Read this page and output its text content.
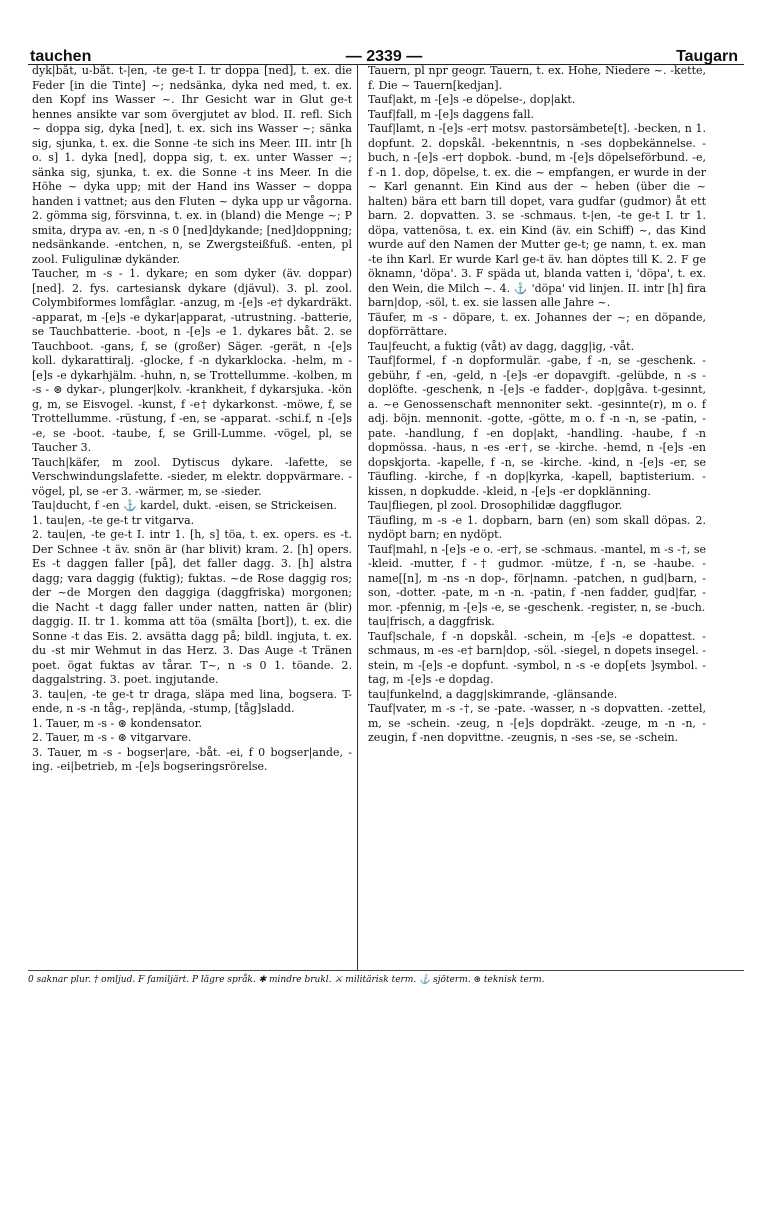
tauchen	— 2339 —	Taugarn

dyk|båt, u-båt. t-|en, -te ge-t I. tr doppa [ned], t. ex. die Feder [in die Tinte] ~; nedsänka, dyka ned med, t. ex. den Kopf ins Wasser ~. Ihr Gesicht war in Glut ge-t hennes ansikte var som övergjutet av blod. II. refl. Sich ~ doppa sig, dyka [ned], t. ex. sich ins Wasser ~; sänka sig, sjunka, t. ex. die Sonne -te sich ins Meer. III. intr [h o. s] 1. dyka [ned], doppa sig, t. ex. unter Wasser ~; sänka sig, sjunka, t. ex. die Sonne -t ins Meer. In die Höhe ~ dyka upp; mit der Hand ins Wasser ~ doppa handen i vattnet; aus den Fluten ~ dyka upp ur vågorna. 2. gömma sig, försvinna, t. ex. in (bland) die Menge ~; P smita, drypa av. -en, n -s 0 [ned]dykande; [ned]doppning; nedsänkande. -entchen, n, se Zwergsteißfuß. -enten, pl zool. Fuligulinæ dykänder.

Taucher, m -s - 1. dykare; en som dyker (äv. doppar) [ned]. 2. fys. cartesiansk dykare (djävul). 3. pl. zool. Colymbiformes lomfåglar. -anzug, m -[e]s -e† dykardräkt. -apparat, m -[e]s -e dykar|apparat, -utrustning. -batterie, se Tauchbatterie. -boot, n -[e]s -e 1. dykares båt. 2. se Tauchboot. -gans, f, se (großer) Säger. -gerät, n -[e]s koll. dykarattiralj. -glocke, f -n dykarklocka. -helm, m -[e]s -e dykarhjälm. -huhn, n, se Trottellumme. -kolben, m -s - ⊛ dykar-, plunger|kolv. -krankheit, f dykarsjuka. -kön g, m, se Eisvogel. -kunst, f -e† dykarkonst. -möwe, f, se Trottellumme. -rüstung, f -en, se -apparat. -schi.f, n -[e]s -e, se -boot. -taube, f, se Grill-Lumme. -vögel, pl, se Taucher 3.

Tauch|käfer, m zool. Dytiscus dykare. -lafette, se Verschwindungslafette. -sieder, m elektr. doppvärmare. -vögel, pl, se -er 3. -wärmer, m, se -sieder.

Tau|ducht, f -en ⚓ kardel, dukt. -eisen, se Strickeisen.

1. tau|en, -te ge-t tr vitgarva.

2. tau|en, -te ge-t I. intr 1. [h, s] töa, t. ex. opers. es -t. Der Schnee -t äv. snön är (har blivit) kram. 2. [h] opers. Es -t daggen faller [på], det faller dagg. 3. [h] alstra dagg; vara daggig (fuktig); fuktas. ~de Rose daggig ros; der ~de Morgen den daggiga (daggfriska) morgonen; die Nacht -t dagg faller under natten, natten är (blir) daggig. II. tr 1. komma att töa (smälta [bort]), t. ex. die Sonne -t das Eis. 2. avsätta dagg på; bildl. ingjuta, t. ex. du -st mir Wehmut in das Herz. 3. Das Auge -t Tränen poet. ögat fuktas av tårar. T~, n -s 0 1. töande. 2. daggalstring. 3. poet. ingjutande.

3. tau|en, -te ge-t tr draga, släpa med lina, bogsera. T-ende, n -s -n tåg-, rep|ända, -stump, [tåg]sladd.

1. Tauer, m -s - ⊛ kondensator.

2. Tauer, m -s - ⊛ vitgarvare.

3. Tauer, m -s - bogser|are, -båt. -ei, f 0 bogser|ande, -ing. -ei|betrieb, m -[e]s bogseringsrörelse.

Tauern, pl npr geogr. Tauern, t. ex. Hohe, Niedere ~. -kette, f. Die ~ Tauern[kedjan].

Tauf|akt, m -[e]s -e döpelse-, dop|akt.

Tauf|fall, m -[e]s daggens fall.

Tauf|lamt, n -[e]s -er† motsv. pastorsämbete[t]. -becken, n 1. dopfunt. 2. dopskål. -bekenntnis, n -ses dopbekännelse. -buch, n -[e]s -er† dopbok. -bund, m -[e]s döpelseförbund. -e, f -n 1. dop, döpelse, t. ex. die ~ empfangen, er wurde in der ~ Karl genannt. Ein Kind aus der ~ heben (über die ~ halten) bära ett barn till dopet, vara gudfar (gudmor) åt ett barn. 2. dopvatten. 3. se -schmaus. t-|en, -te ge-t I. tr 1. döpa, vattenösa, t. ex. ein Kind (äv. ein Schiff) ~, das Kind wurde auf den Namen der Mutter ge-t; ge namn, t. ex. man -te ihn Karl. Er wurde Karl ge-t äv. han döptes till K. 2. F ge öknamn, 'döpa'. 3. F späda ut, blanda vatten i, 'döpa', t. ex. den Wein, die Milch ~. 4. ⚓ 'döpa' vid linjen. II. intr [h] fira barn|dop, -söl, t. ex. sie lassen alle Jahre ~.

Täufer, m -s - döpare, t. ex. Johannes der ~; en döpande, dopförrättare.

Tau|feucht, a fuktig (våt) av dagg, dagg|ig, -våt.

Tauf|formel, f -n dopformulär. -gabe, f -n, se -geschenk. -gebühr, f -en, -geld, n -[e]s -er dopavgift. -gelübde, n -s - doplöfte. -geschenk, n -[e]s -e fadder-, dop|gåva. t-gesinnt, a. ~e Genossenschaft mennoniter sekt. -gesinnte(r), m o. f adj. böjn. mennonit. -gotte, -götte, m o. f -n -n, se -patin, -pate. -handlung, f -en dop|akt, -handling. -haube, f -n dopmössa. -haus, n -es -er†, se -kirche. -hemd, n -[e]s -en dopskjorta. -kapelle, f -n, se -kirche. -kind, n -[e]s -er, se Täufling. -kirche, f -n dop|kyrka, -kapell, baptisterium. -kissen, n dopkudde. -kleid, n -[e]s -er dopklänning.

Tau|fliegen, pl zool. Drosophilidæ daggflugor.

Täufling, m -s -e 1. dopbarn, barn (en) som skall döpas. 2. nydöpt barn; en nydöpt.

Tauf|mahl, n -[e]s -e o. -er†, se -schmaus. -mantel, m -s -†, se -kleid. -mutter, f -† gudmor. -mütze, f -n, se -haube. -name[[n], m -ns -n dop-, för|namn. -patchen, n gud|barn, -son, -dotter. -pate, m -n -n. -patin, f -nen fadder, gud|far, -mor. -pfennig, m -[e]s -e, se -geschenk. -register, n, se -buch.

tau|frisch, a daggfrisk.

Tauf|schale, f -n dopskål. -schein, m -[e]s -e dopattest. -schmaus, m -es -e† barn|dop, -söl. -siegel, n dopets insegel. -stein, m -[e]s -e dopfunt. -symbol, n -s -e dop[ets ]symbol. -tag, m -[e]s -e dopdag.

tau|funkelnd, a dagg|skimrande, -glänsande.

Tauf|vater, m -s -†, se -pate. -wasser, n -s dopvatten. -zettel, m, se -schein. -zeug, n -[e]s dopdräkt. -zeuge, m -n -n, -zeugin, f -nen dopvittne. -zeugnis, n -ses -se, se -schein.

0 saknar plur. † omljud. F familjärt. P lägre språk. ✱ mindre brukl. ⚔ militärisk term. ⚓ sjöterm. ⊛ teknisk term.
